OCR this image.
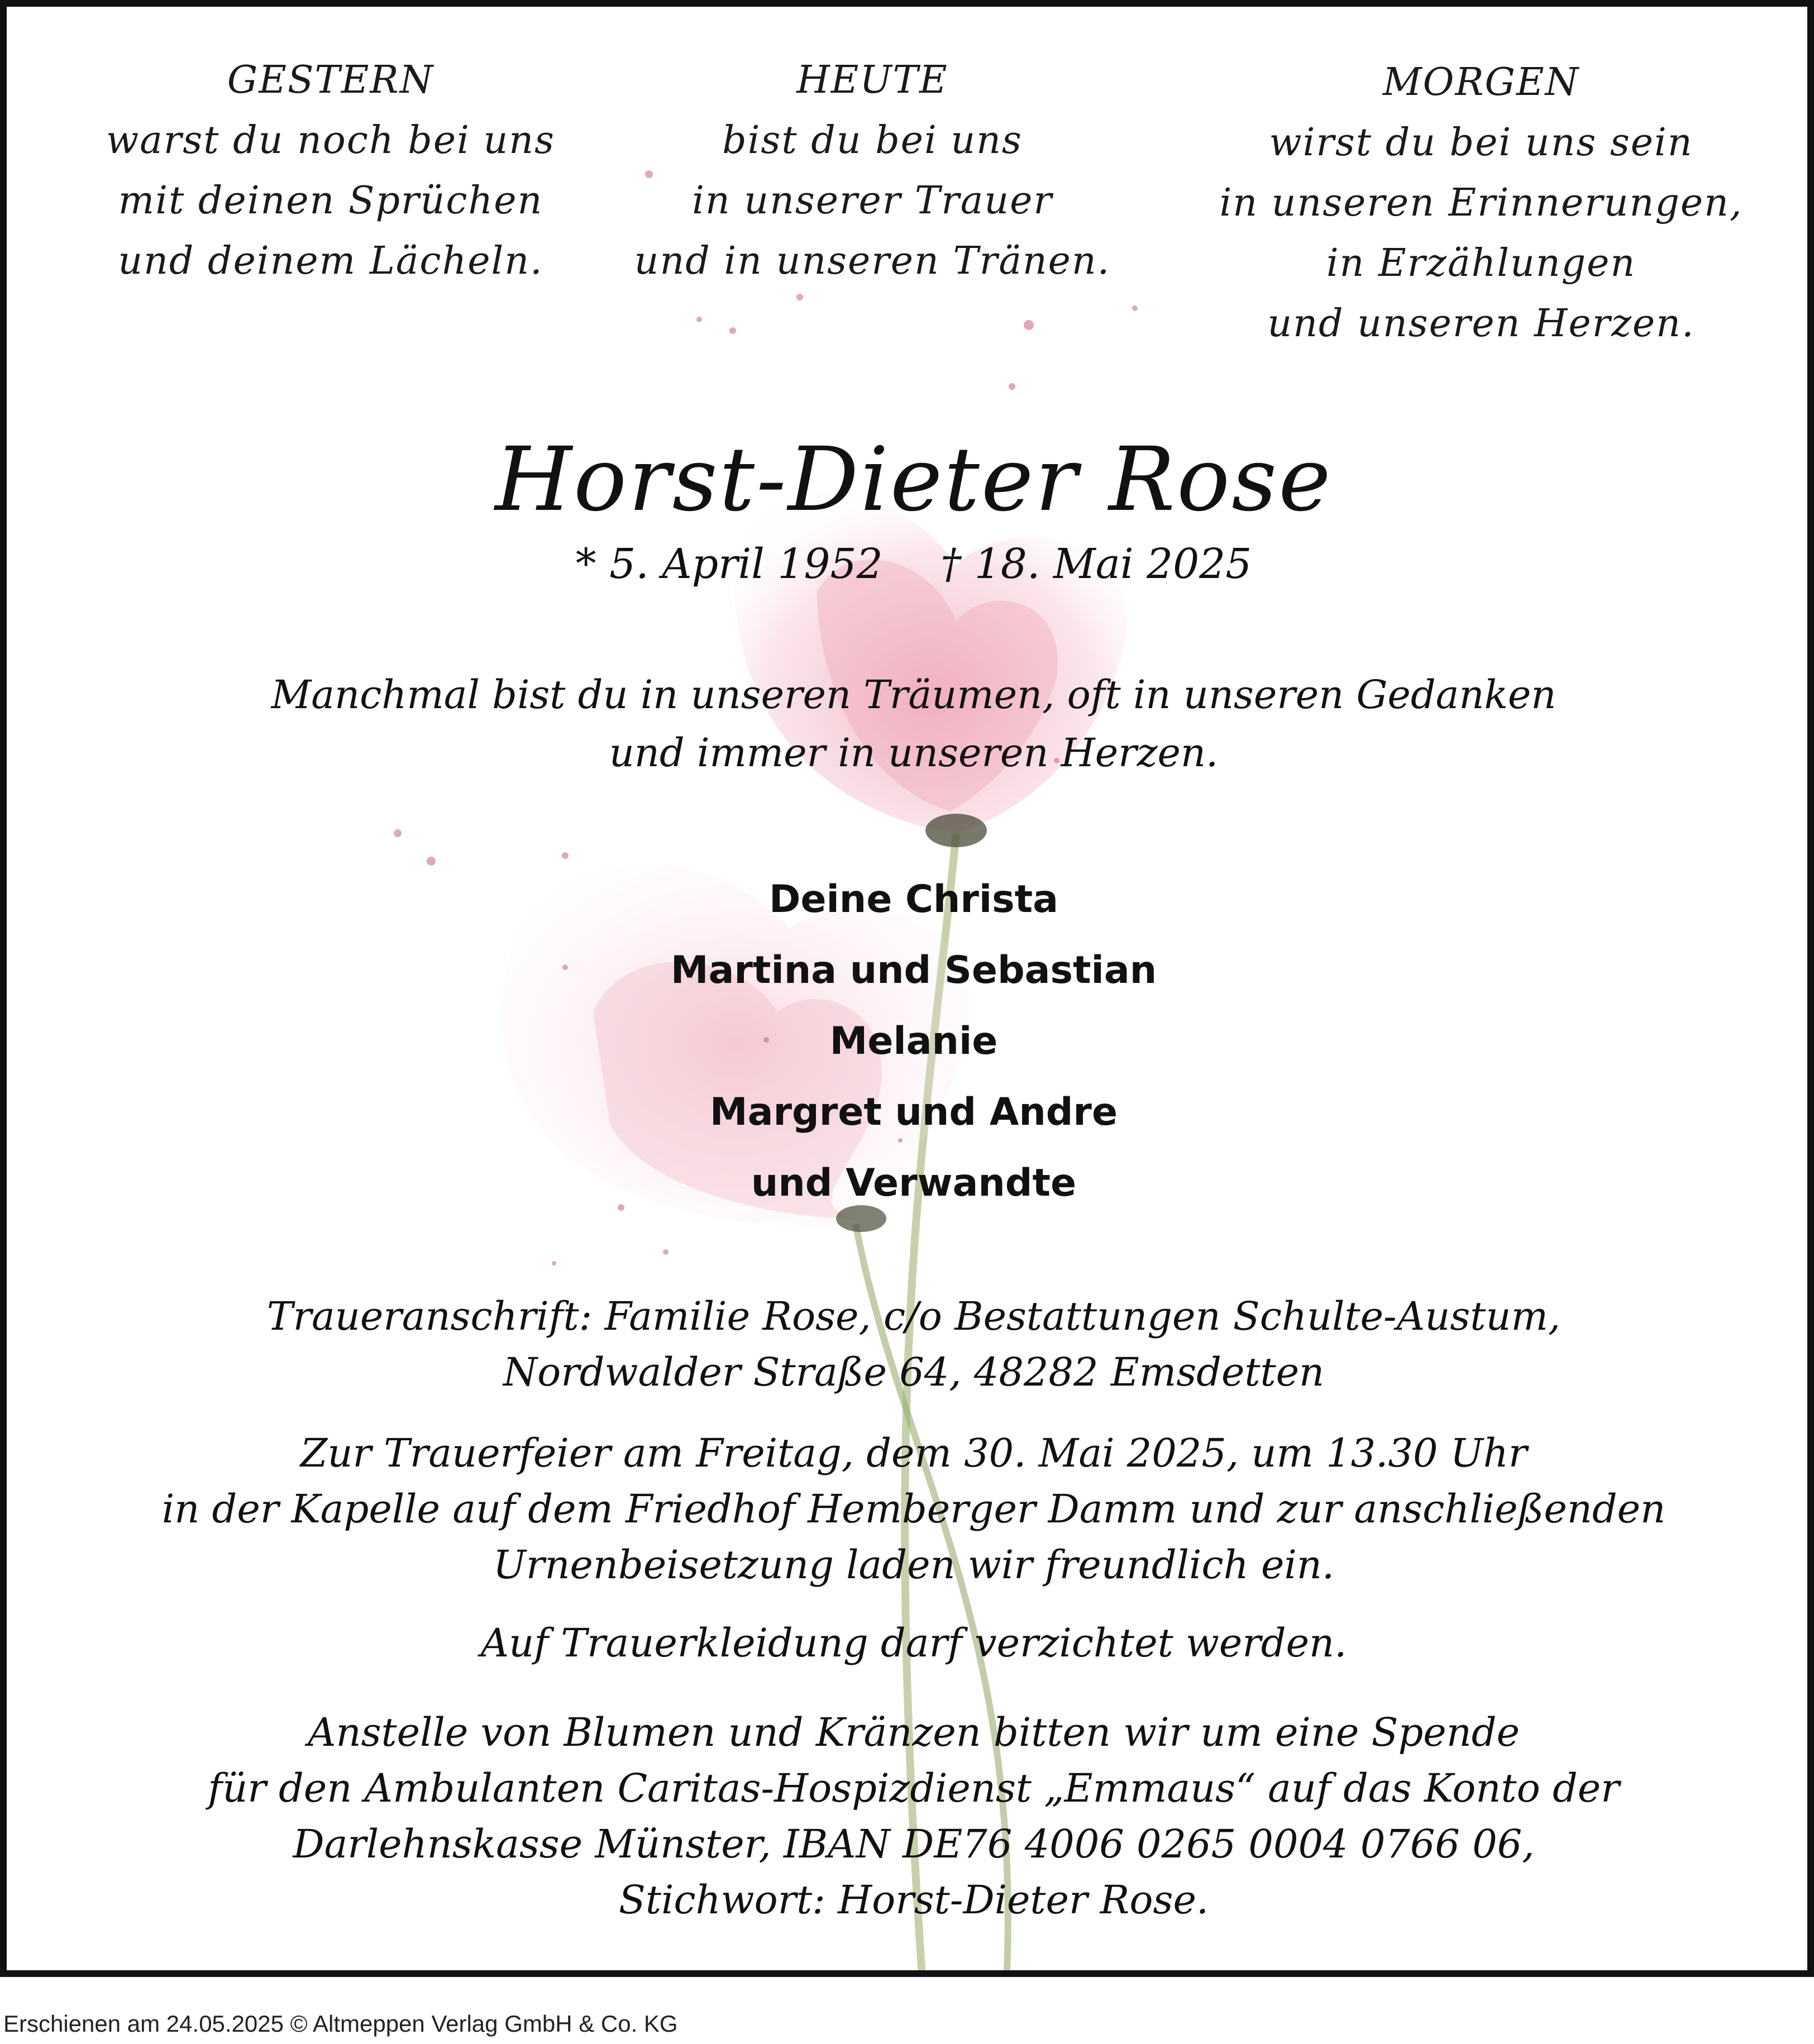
GESTERN
warst du noch bei uns
mit deinen Sprüchen
und deinem Lächeln.
HEUTE
bist du bei uns
in unserer Trauer
und in unseren Tränen.
MORGEN
wirst du bei uns sein
in unseren Erinnerungen,
in Erzählungen
und unseren Herzen.
Horst-Dieter Rose
* 5. April 1952 † 18. Mai 2025
Manchmal bist du in unseren Träumen, oft in unseren Gedanken
und immer in unseren Herzen.
Deine Christa
Martina und Sebastian
Melanie
Margret und Andre
und Verwandte
Traueranschrift: Familie Rose, c/o Bestattungen Schulte-Austum,
Nordwalder Straße 64, 48282 Emsdetten
Zur Trauerfeier am Freitag, dem 30. Mai 2025, um 13.30 Uhr
in der Kapelle auf dem Friedhof Hemberger Damm und zur anschließenden
Urnenbeisetzung laden wir freundlich ein.
Auf Trauerkleidung darf verzichtet werden.
Anstelle von Blumen und Kränzen bitten wir um eine Spende
für den Ambulanten Caritas-Hospizdienst „Emmaus“ auf das Konto der
Darlehnskasse Münster, IBAN DE76 4006 0265 0004 0766 06,
Stichwort: Horst-Dieter Rose.
Erschienen am 24.05.2025 © Altmeppen Verlag GmbH & Co. KG
